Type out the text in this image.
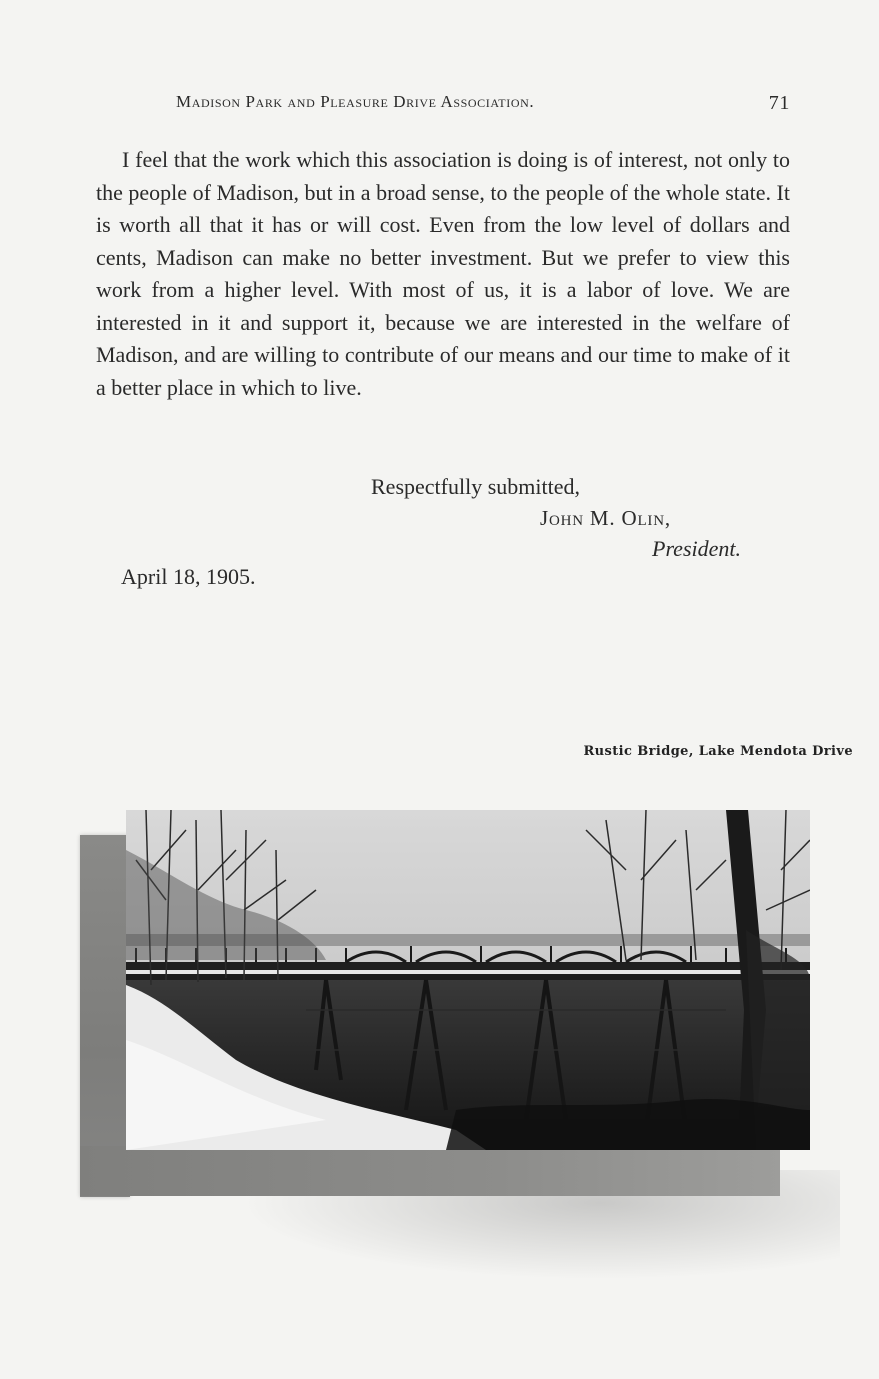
Madison Park and Pleasure Drive Association.	71

I feel that the work which this association is doing is of interest, not only to the people of Madison, but in a broad sense, to the people of the whole state. It is worth all that it has or will cost. Even from the low level of dollars and cents, Madison can make no better investment. But we prefer to view this work from a higher level. With most of us, it is a labor of love. We are interested in it and support it, because we are interested in the welfare of Madison, and are willing to contribute of our means and our time to make of it a better place in which to live.

Respectfully submitted,
John M. Olin,
President.
April 18, 1905.
Rustic Bridge, Lake Mendota Drive
